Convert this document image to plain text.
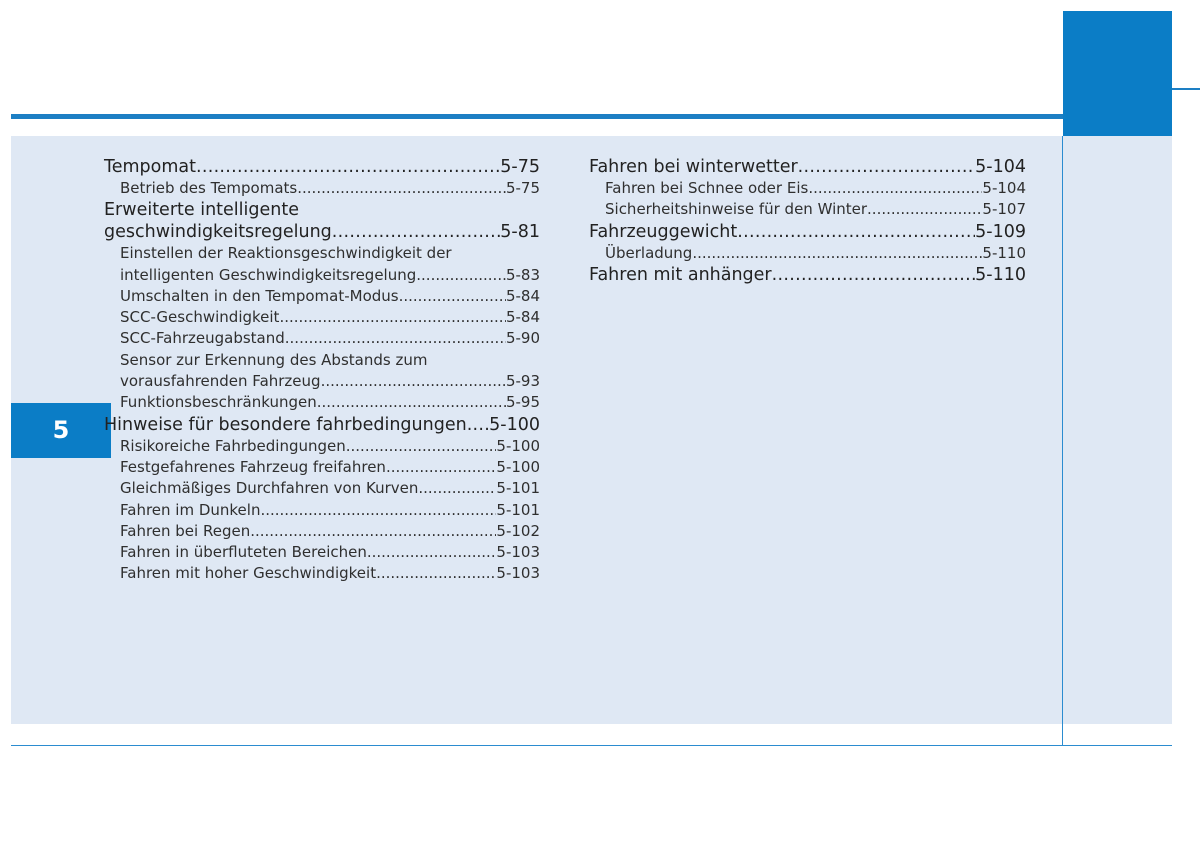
5
Tempomat .....	5-75
Betrieb des Tempomats .....	5-75
Erweiterte intelligente
geschwindigkeitsregelung .....	5-81
Einstellen der Reaktionsgeschwindigkeit der
intelligenten Geschwindigkeitsregelung .....	5-83
Umschalten in den Tempomat-Modus .....	5-84
SCC-Geschwindigkeit .....	5-84
SCC-Fahrzeugabstand .....	5-90
Sensor zur Erkennung des Abstands zum
vorausfahrenden Fahrzeug .....	5-93
Funktionsbeschränkungen .....	5-95
Hinweise für besondere fahrbedingungen ..... 5-100
Risikoreiche Fahrbedingungen .....	5-100
Festgefahrenes Fahrzeug freifahren .....	5-100
Gleichmäßiges Durchfahren von Kurven .....	5-101
Fahren im Dunkeln .....	5-101
Fahren bei Regen .....	5-102
Fahren in überfluteten Bereichen .....	5-103
Fahren mit hoher Geschwindigkeit .....	5-103
Fahren bei winterwetter .....	5-104
Fahren bei Schnee oder Eis .....	5-104
Sicherheitshinweise für den Winter .....	5-107
Fahrzeuggewicht .....	5-109
Überladung .....	5-110
Fahren mit anhänger .....	5-110
